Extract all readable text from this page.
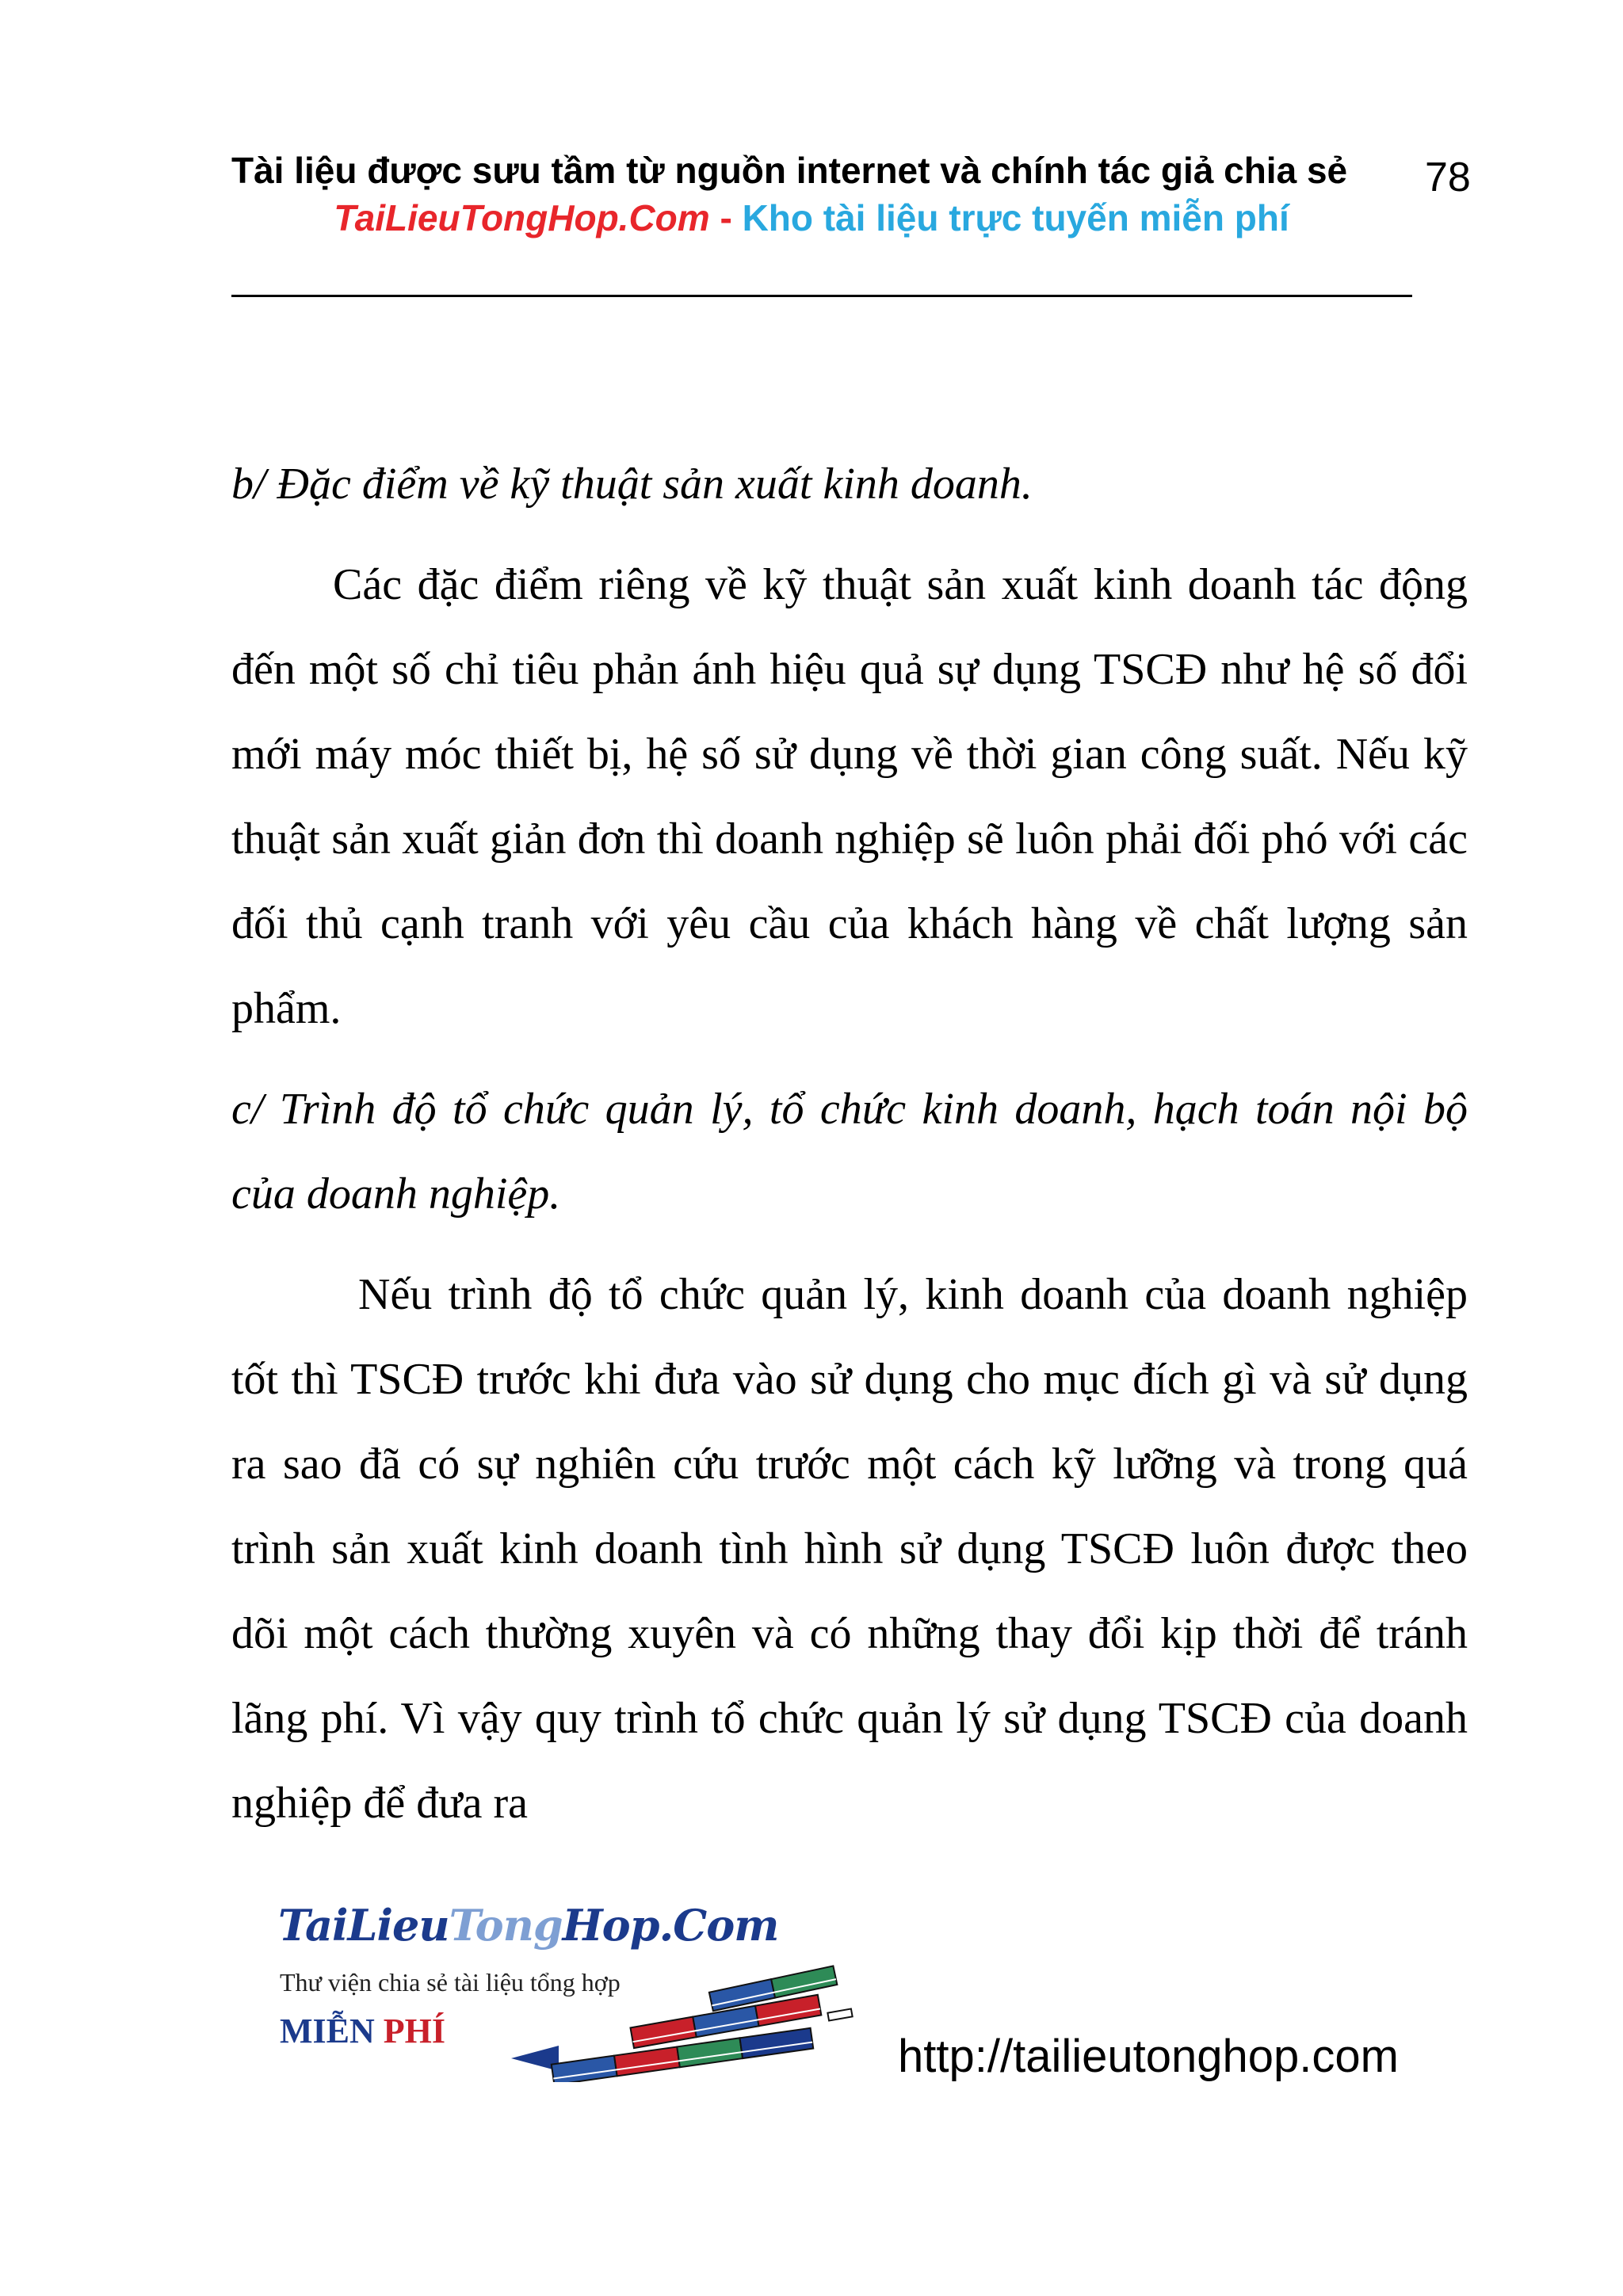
Tài liệu được sưu tầm từ nguồn internet và chính tác giả chia sẻ 78
TaiLieuTongHop.Com - Kho tài liệu trực tuyến miễn phí
b/ Đặc điểm về kỹ thuật sản xuất kinh doanh.
Các đặc điểm riêng về kỹ thuật sản xuất kinh doanh tác động đến một số chỉ tiêu phản ánh hiệu quả sự dụng TSCĐ như hệ số đổi mới máy móc thiết bị, hệ số sử dụng về thời gian công suất. Nếu kỹ thuật sản xuất giản đơn thì doanh nghiệp sẽ luôn phải đối phó với các đối thủ cạnh tranh với yêu cầu của khách hàng về chất lượng sản phẩm.
c/ Trình độ tổ chức quản lý, tổ chức kinh doanh, hạch toán nội bộ của doanh nghiệp.
Nếu trình độ tổ chức quản lý, kinh doanh của doanh nghiệp tốt thì TSCĐ trước khi đưa vào sử dụng cho mục đích gì và sử dụng ra sao đã có sự nghiên cứu trước một cách kỹ lưỡng và trong quá trình sản xuất kinh doanh tình hình sử dụng TSCĐ luôn được theo dõi một cách thường xuyên và có những thay đổi kịp thời để tránh lãng phí. Vì vậy quy trình tổ chức quản lý sử dụng TSCĐ của doanh nghiệp để đưa ra
TaiLieuTongHop.Com
Thư viện chia sẻ tài liệu tổng hợp
MIỄN PHÍ	http://tailieutonghop.com
